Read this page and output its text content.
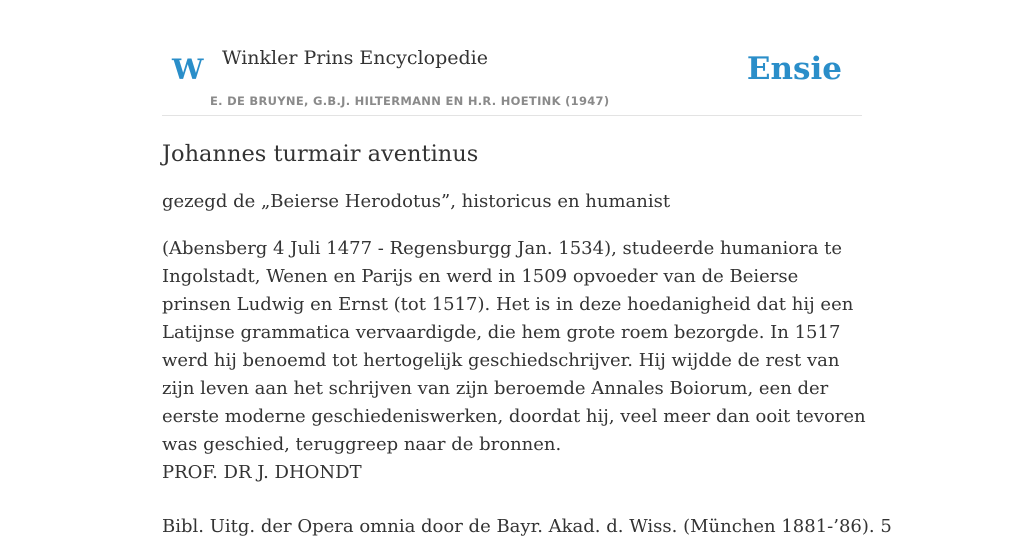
W Winkler Prins Encyclopedie
E. DE BRUYNE, G.B.J. HILTERMANN EN H.R. HOETINK (1947)
Ensie
Johannes turmair aventinus

gezegd de „Beierse Herodotus”, historicus en humanist

(Abensberg 4 Juli 1477 - Regensburgg Jan. 1534), studeerde humaniora te Ingolstadt, Wenen en Parijs en werd in 1509 opvoeder van de Beierse prinsen Ludwig en Ernst (tot 1517). Het is in deze hoedanigheid dat hij een Latijnse grammatica vervaardigde, die hem grote roem bezorgde. In 1517 werd hij benoemd tot hertogelijk geschiedschrijver. Hij wijdde de rest van zijn leven aan het schrijven van zijn beroemde Annales Boiorum, een der eerste moderne geschiedeniswerken, doordat hij, veel meer dan ooit tevoren was geschied, teruggreep naar de bronnen.
PROF. DR J. DHONDT

Bibl. Uitg. der Opera omnia door de Bayr. Akad. d. Wiss. (München 1881-’86). 5
